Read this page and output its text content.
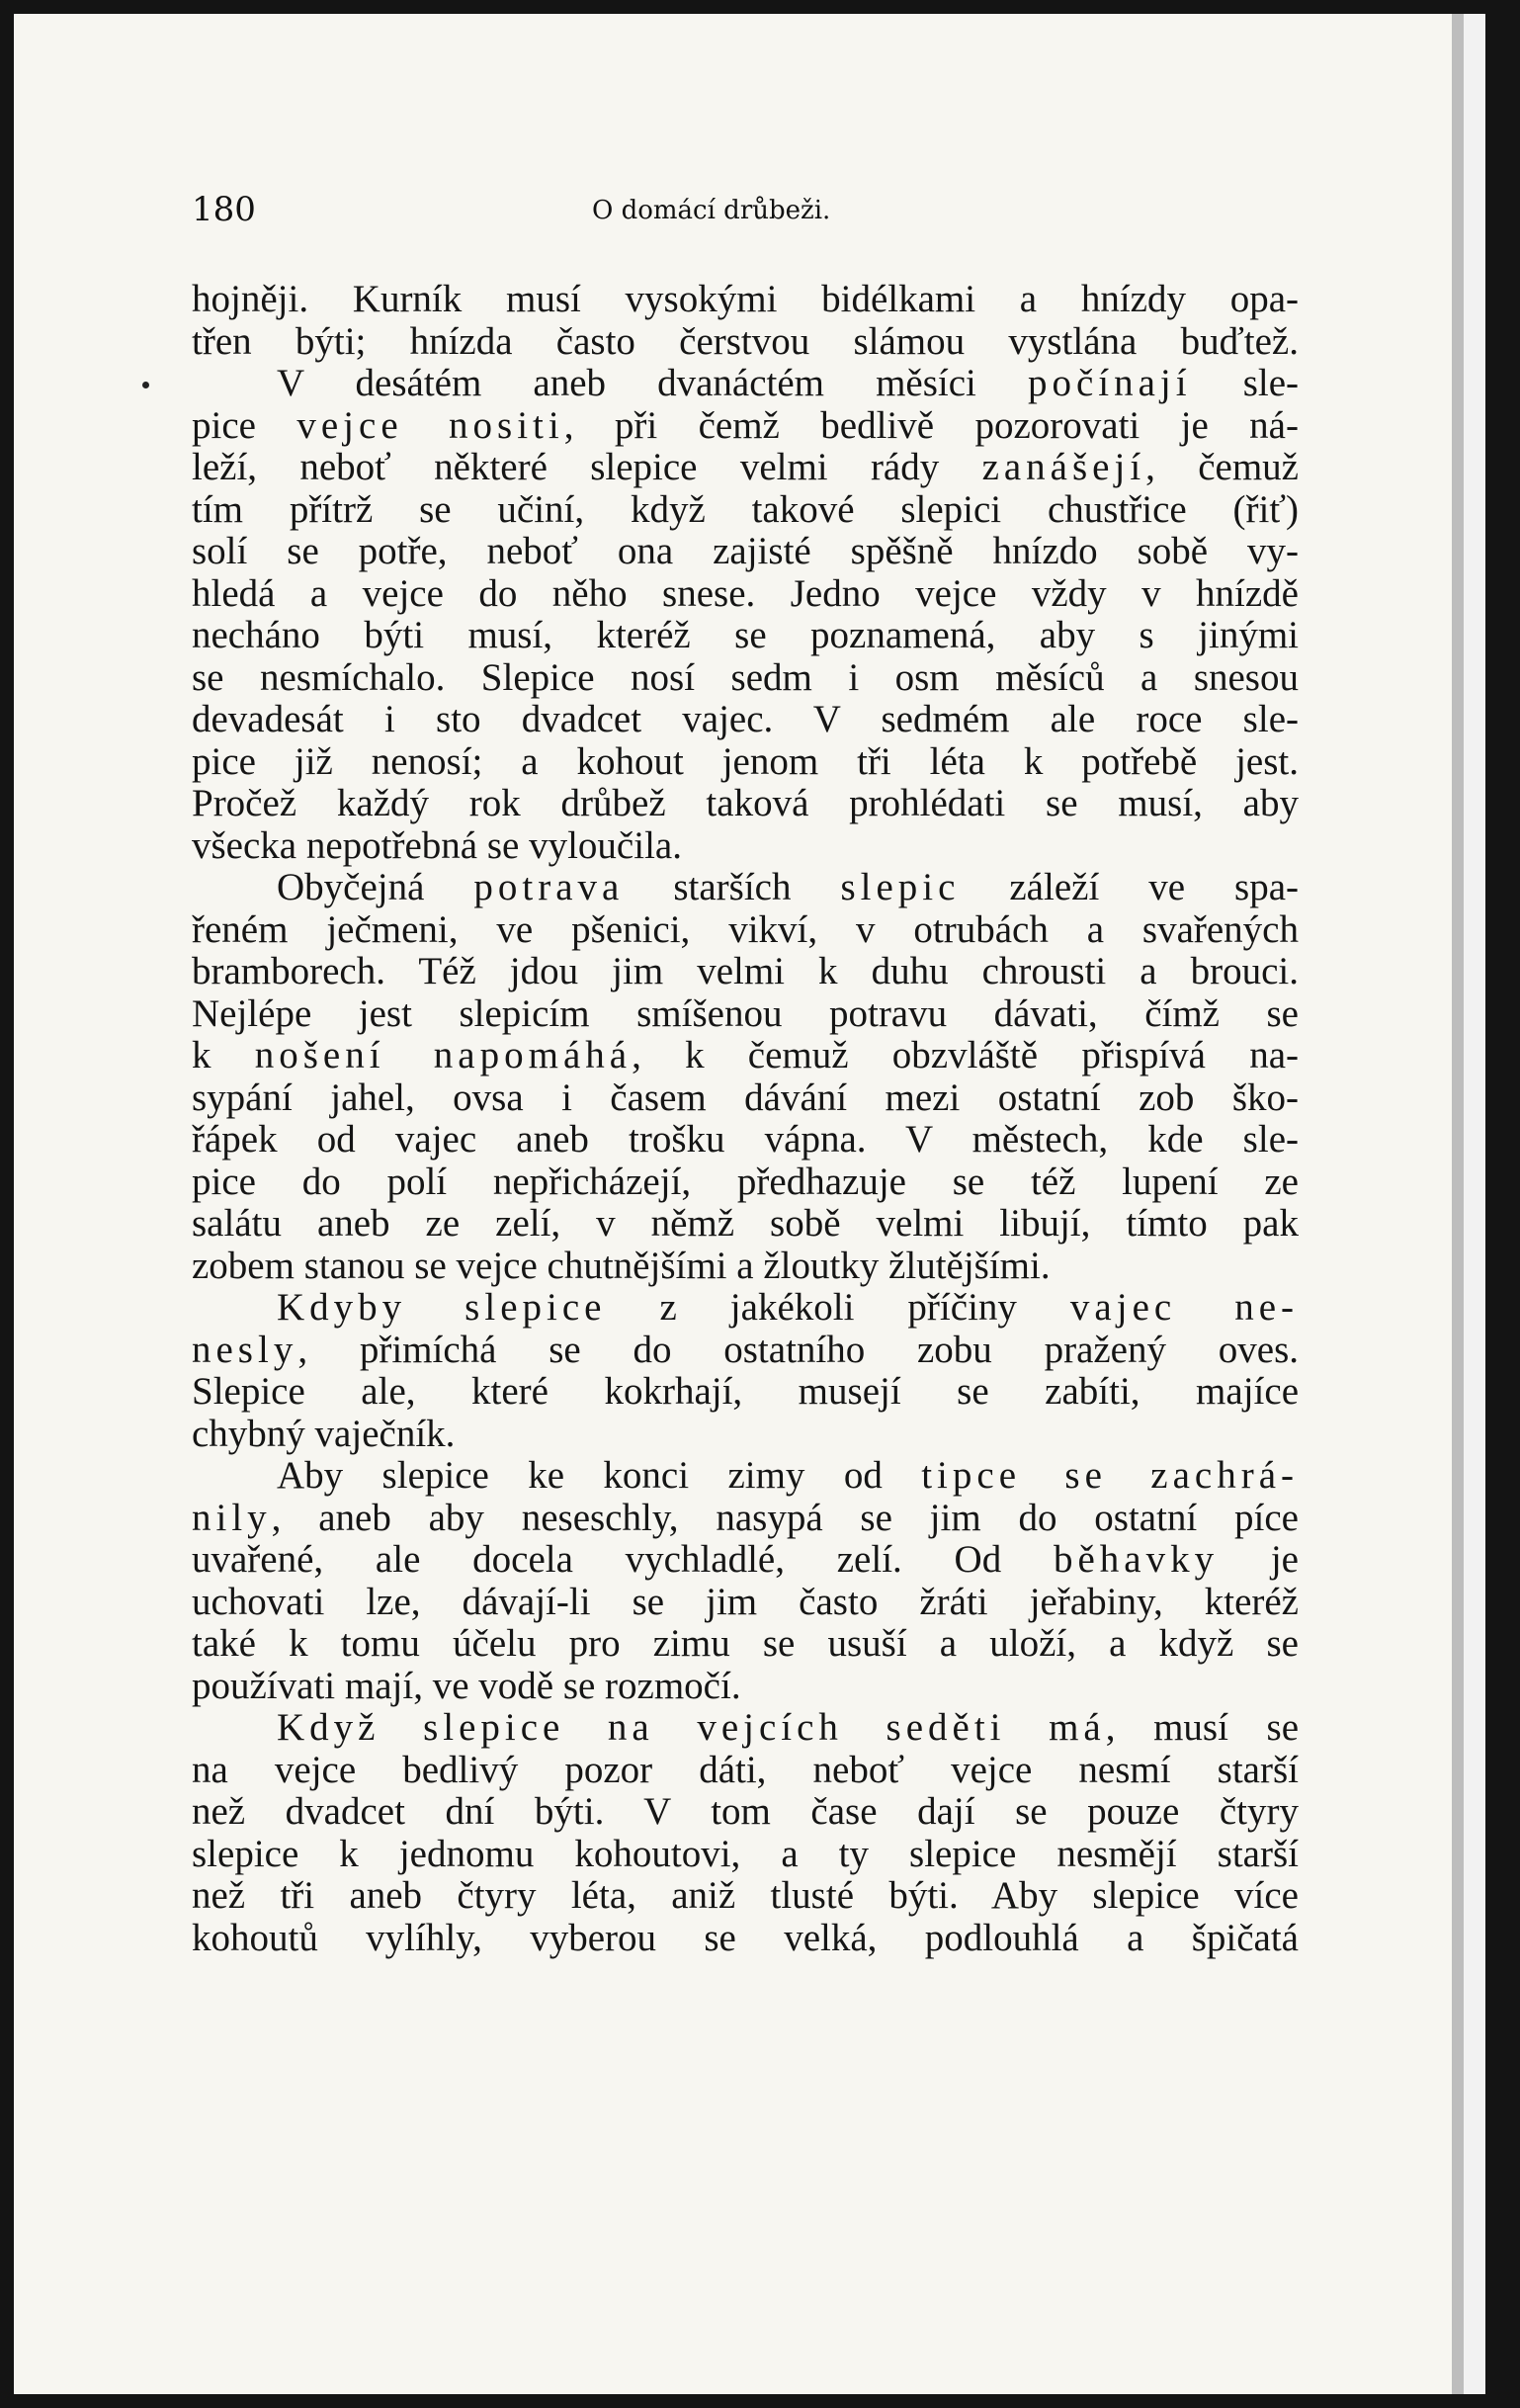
180	O domácí drůbeži.
hojněji. Kurník musí vysokými bidélkami a hnízdy opa-
třen býti; hnízda často čerstvou slámou vystlána buďtež.
V desátém aneb dvanáctém měsíci počínají sle-
pice vejce nositi, při čemž bedlivě pozorovati je ná-
leží, neboť některé slepice velmi rády zanášejí, čemuž
tím přítrž se učiní, když takové slepici chustřice (řiť)
solí se potře, neboť ona zajisté spěšně hnízdo sobě vy-
hledá a vejce do něho snese. Jedno vejce vždy v hnízdě
necháno býti musí, kteréž se poznamená, aby s jinými
se nesmíchalo. Slepice nosí sedm i osm měsíců a snesou
devadesát i sto dvadcet vajec. V sedmém ale roce sle-
pice již nenosí; a kohout jenom tři léta k potřebě jest.
Pročež každý rok drůbež taková prohlédati se musí, aby
všecka nepotřebná se vyloučila.
Obyčejná potrava starších slepic záleží ve spa-
řeném ječmeni, ve pšenici, vikví, v otrubách a svařených
bramborech. Též jdou jim velmi k duhu chrousti a brouci.
Nejlépe jest slepicím smíšenou potravu dávati, čímž se
k nošení napomáhá, k čemuž obzvláště přispívá na-
sypání jahel, ovsa i časem dávání mezi ostatní zob ško-
řápek od vajec aneb trošku vápna. V městech, kde sle-
pice do polí nepřicházejí, předhazuje se též lupení ze
salátu aneb ze zelí, v němž sobě velmi libují, tímto pak
zobem stanou se vejce chutnějšími a žloutky žlutějšími.
Kdyby slepice z jakékoli příčiny vajec ne-
nesly, přimíchá se do ostatního zobu pražený oves.
Slepice ale, které kokrhají, musejí se zabíti, majíce
chybný vaječník.
Aby slepice ke konci zimy od tipce se zachrá-
nily, aneb aby neseschly, nasypá se jim do ostatní píce
uvařené, ale docela vychladlé, zelí. Od běhavky je
uchovati lze, dávají-li se jim často žráti jeřabiny, kteréž
také k tomu účelu pro zimu se usuší a uloží, a když se
používati mají, ve vodě se rozmočí.
Když slepice na vejcích seděti má, musí se
na vejce bedlivý pozor dáti, neboť vejce nesmí starší
než dvadcet dní býti. V tom čase dají se pouze čtyry
slepice k jednomu kohoutovi, a ty slepice nesmějí starší
než tři aneb čtyry léta, aniž tlusté býti. Aby slepice více
kohoutů vylíhly, vyberou se velká, podlouhlá a špičatá
